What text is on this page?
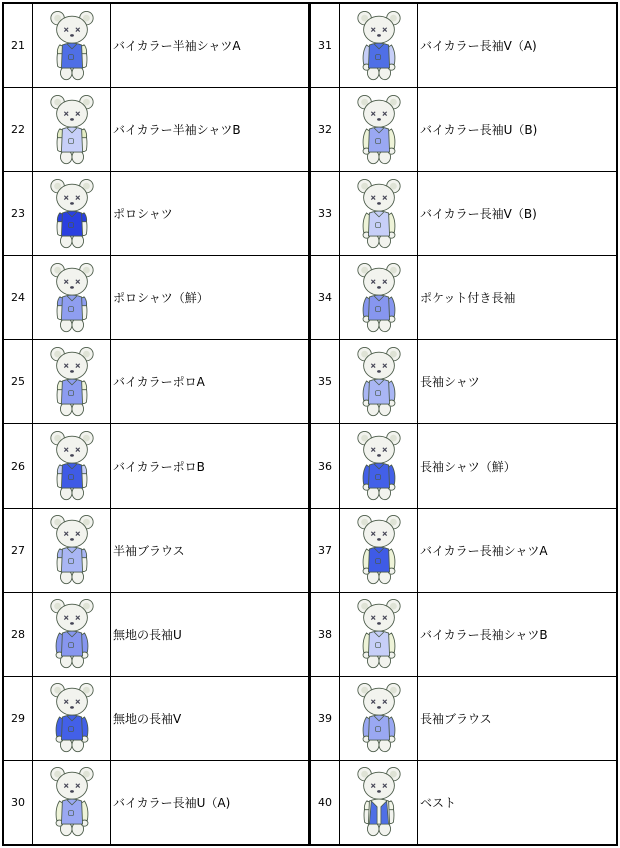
21		バイカラー半袖シャツA
22		バイカラー半袖シャツB
23		ポロシャツ
24		ポロシャツ（鮮）
25		バイカラーポロA
26		バイカラーポロB
27		半袖ブラウス
28		無地の長袖U
29		無地の長袖V
30		バイカラー長袖U（A)
31		バイカラー長袖V（A)
32		バイカラー長袖U（B)
33		バイカラー長袖V（B)
34		ポケット付き長袖
35		長袖シャツ
36		長袖シャツ（鮮）
37		バイカラー長袖シャツA
38		バイカラー長袖シャツB
39		長袖ブラウス
40		ベスト
